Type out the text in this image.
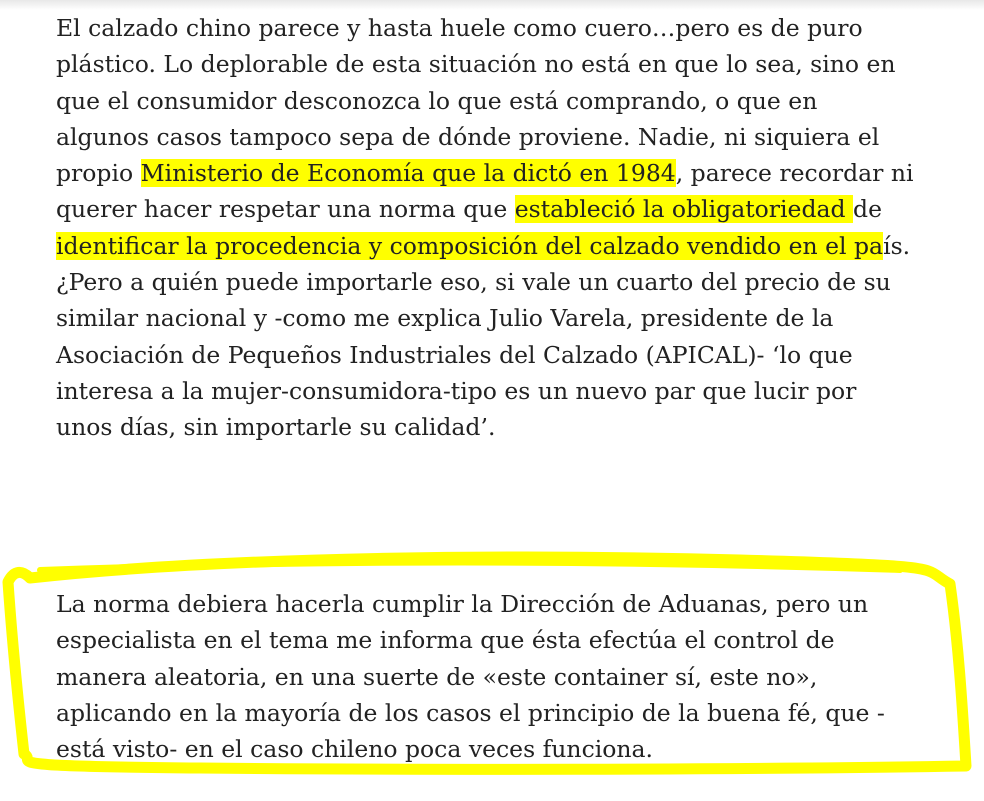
El calzado chino parece y hasta huele como cuero…pero es de puro
plástico. Lo deplorable de esta situación no está en que lo sea, sino en
que el consumidor desconozca lo que está comprando, o que en
algunos casos tampoco sepa de dónde proviene. Nadie, ni siquiera el
propio Ministerio de Economía que la dictó en 1984, parece recordar ni
querer hacer respetar una norma que estableció la obligatoriedad de
identificar la procedencia y composición del calzado vendido en el país.
¿Pero a quién puede importarle eso, si vale un cuarto del precio de su
similar nacional y -como me explica Julio Varela, presidente de la
Asociación de Pequeños Industriales del Calzado (APICAL)- ‘lo que
interesa a la mujer-consumidora-tipo es un nuevo par que lucir por
unos días, sin importarle su calidad’.

La norma debiera hacerla cumplir la Dirección de Aduanas, pero un
especialista en el tema me informa que ésta efectúa el control de
manera aleatoria, en una suerte de «este container sí, este no»,
aplicando en la mayoría de los casos el principio de la buena fé, que -
está visto- en el caso chileno poca veces funciona.
